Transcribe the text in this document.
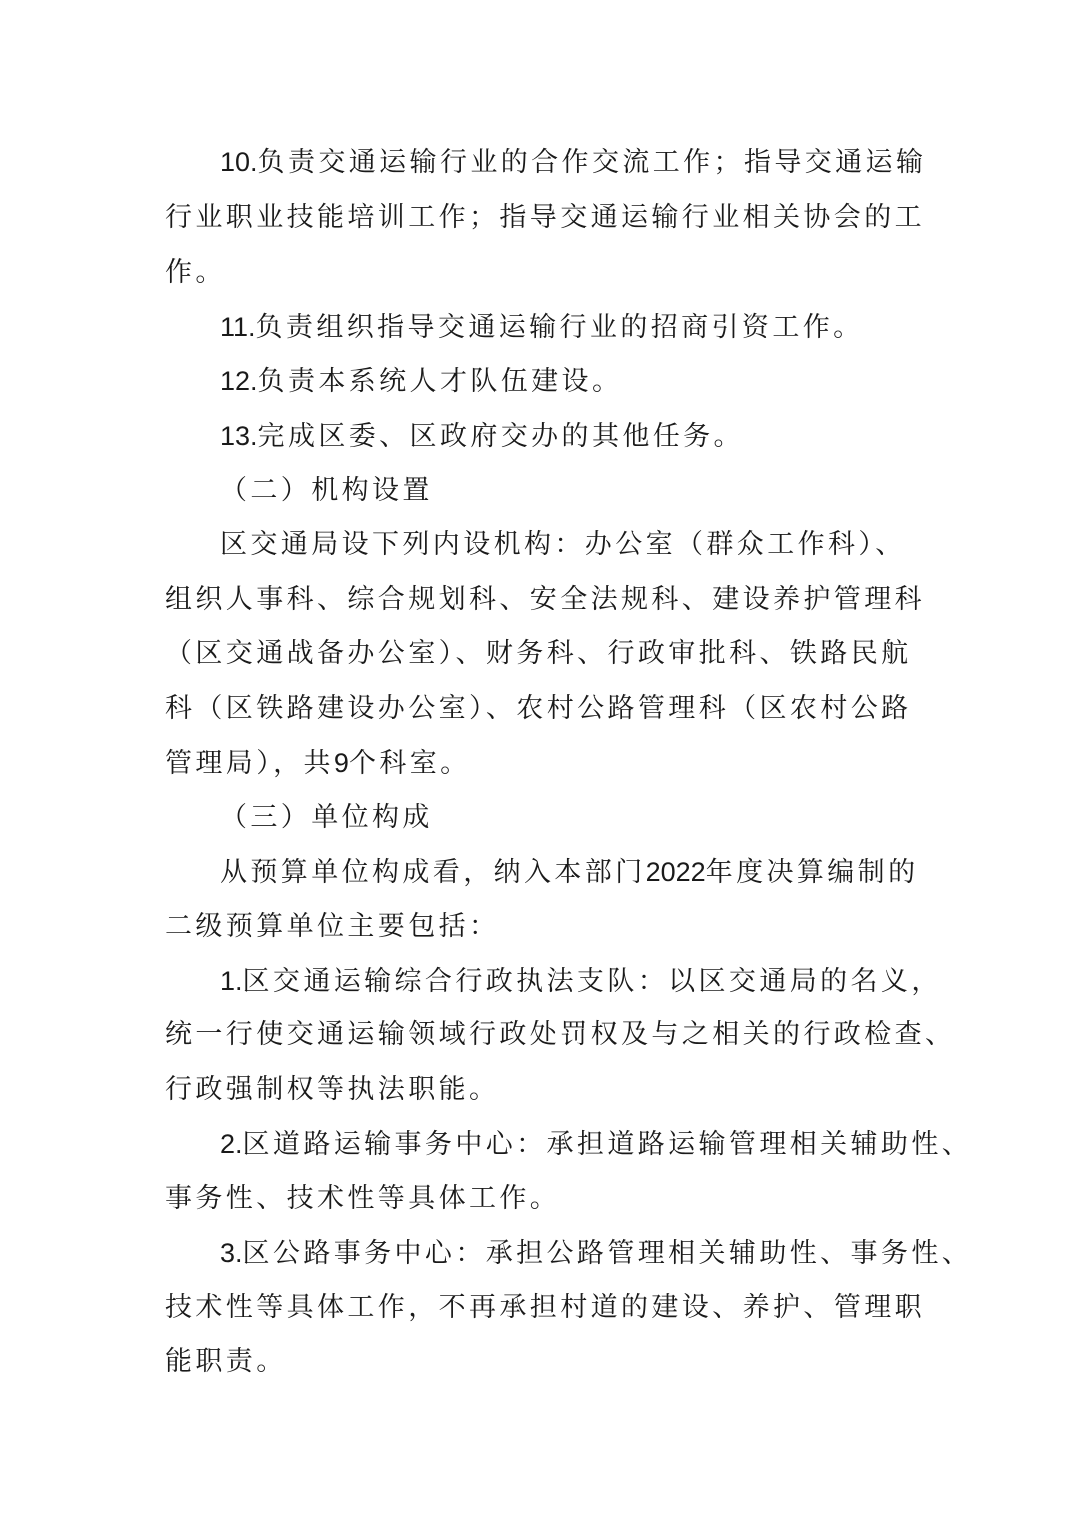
10.负责交通运输行业的合作交流工作；指导交通运输
行业职业技能培训工作；指导交通运输行业相关协会的工
作。
11.负责组织指导交通运输行业的招商引资工作。
12.负责本系统人才队伍建设。
13.完成区委、区政府交办的其他任务。
（二）机构设置
区交通局设下列内设机构：办公室（群众工作科）、
组织人事科、综合规划科、安全法规科、建设养护管理科
（区交通战备办公室）、财务科、行政审批科、铁路民航
科（区铁路建设办公室）、农村公路管理科（区农村公路
管理局），共9个科室。
（三）单位构成
从预算单位构成看，纳入本部门2022年度决算编制的
二级预算单位主要包括：
1.区交通运输综合行政执法支队：以区交通局的名义，
统一行使交通运输领域行政处罚权及与之相关的行政检查、
行政强制权等执法职能。
2.区道路运输事务中心：承担道路运输管理相关辅助性、
事务性、技术性等具体工作。
3.区公路事务中心：承担公路管理相关辅助性、事务性、
技术性等具体工作，不再承担村道的建设、养护、管理职
能职责。
